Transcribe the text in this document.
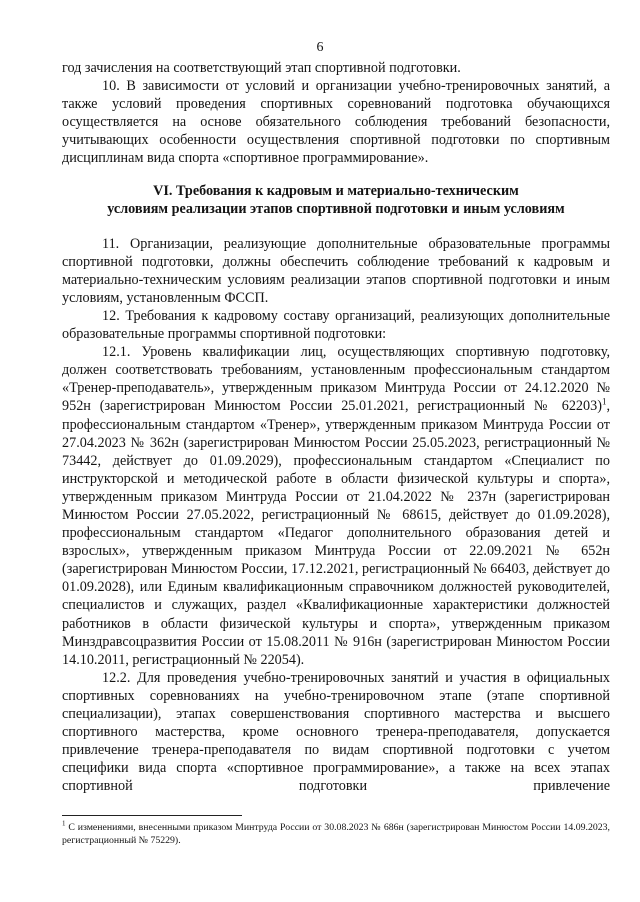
6

год зачисления на соответствующий этап спортивной подготовки.

10. В зависимости от условий и организации учебно-тренировочных занятий, а также условий проведения спортивных соревнований подготовка обучающихся осуществляется на основе обязательного соблюдения требований безопасности, учитывающих особенности осуществления спортивной подготовки по спортивным дисциплинам вида спорта «спортивное программирование».

VI. Требования к кадровым и материально-техническим
условиям реализации этапов спортивной подготовки и иным условиям

11. Организации, реализующие дополнительные образовательные программы спортивной подготовки, должны обеспечить соблюдение требований к кадровым и материально-техническим условиям реализации этапов спортивной подготовки и иным условиям, установленным ФССП.

12. Требования к кадровому составу организаций, реализующих дополнительные образовательные программы спортивной подготовки:

12.1. Уровень квалификации лиц, осуществляющих спортивную подготовку, должен соответствовать требованиям, установленным профессиональным стандартом «Тренер-преподаватель», утвержденным приказом Минтруда России от 24.12.2020 № 952н (зарегистрирован Минюстом России 25.01.2021, регистрационный № 62203)$^1$, профессиональным стандартом «Тренер», утвержденным приказом Минтруда России от 27.04.2023 № 362н (зарегистрирован Минюстом России 25.05.2023, регистрационный № 73442, действует до 01.09.2029), профессиональным стандартом «Специалист по инструкторской и методической работе в области физической культуры и спорта», утвержденным приказом Минтруда России от 21.04.2022 № 237н (зарегистрирован Минюстом России 27.05.2022, регистрационный № 68615, действует до 01.09.2028), профессиональным стандартом «Педагог дополнительного образования детей и взрослых», утвержденным приказом Минтруда России от 22.09.2021 № 652н (зарегистрирован Минюстом России, 17.12.2021, регистрационный № 66403, действует до 01.09.2028), или Единым квалификационным справочником должностей руководителей, специалистов и служащих, раздел «Квалификационные характеристики должностей работников в области физической культуры и спорта», утвержденным приказом Минздравсоцразвития России от 15.08.2011 № 916н (зарегистрирован Минюстом России 14.10.2011, регистрационный № 22054).

12.2. Для проведения учебно-тренировочных занятий и участия в официальных спортивных соревнованиях на учебно-тренировочном этапе (этапе спортивной специализации), этапах совершенствования спортивного мастерства и высшего спортивного мастерства, кроме основного тренера-преподавателя, допускается привлечение тренера-преподавателя по видам спортивной подготовки с учетом специфики вида спорта «спортивное программирование», а также на всех этапах спортивной подготовки привлечение

$^1$ С изменениями, внесенными приказом Минтруда России от 30.08.2023 № 686н (зарегистрирован Минюстом России 14.09.2023, регистрационный № 75229).
